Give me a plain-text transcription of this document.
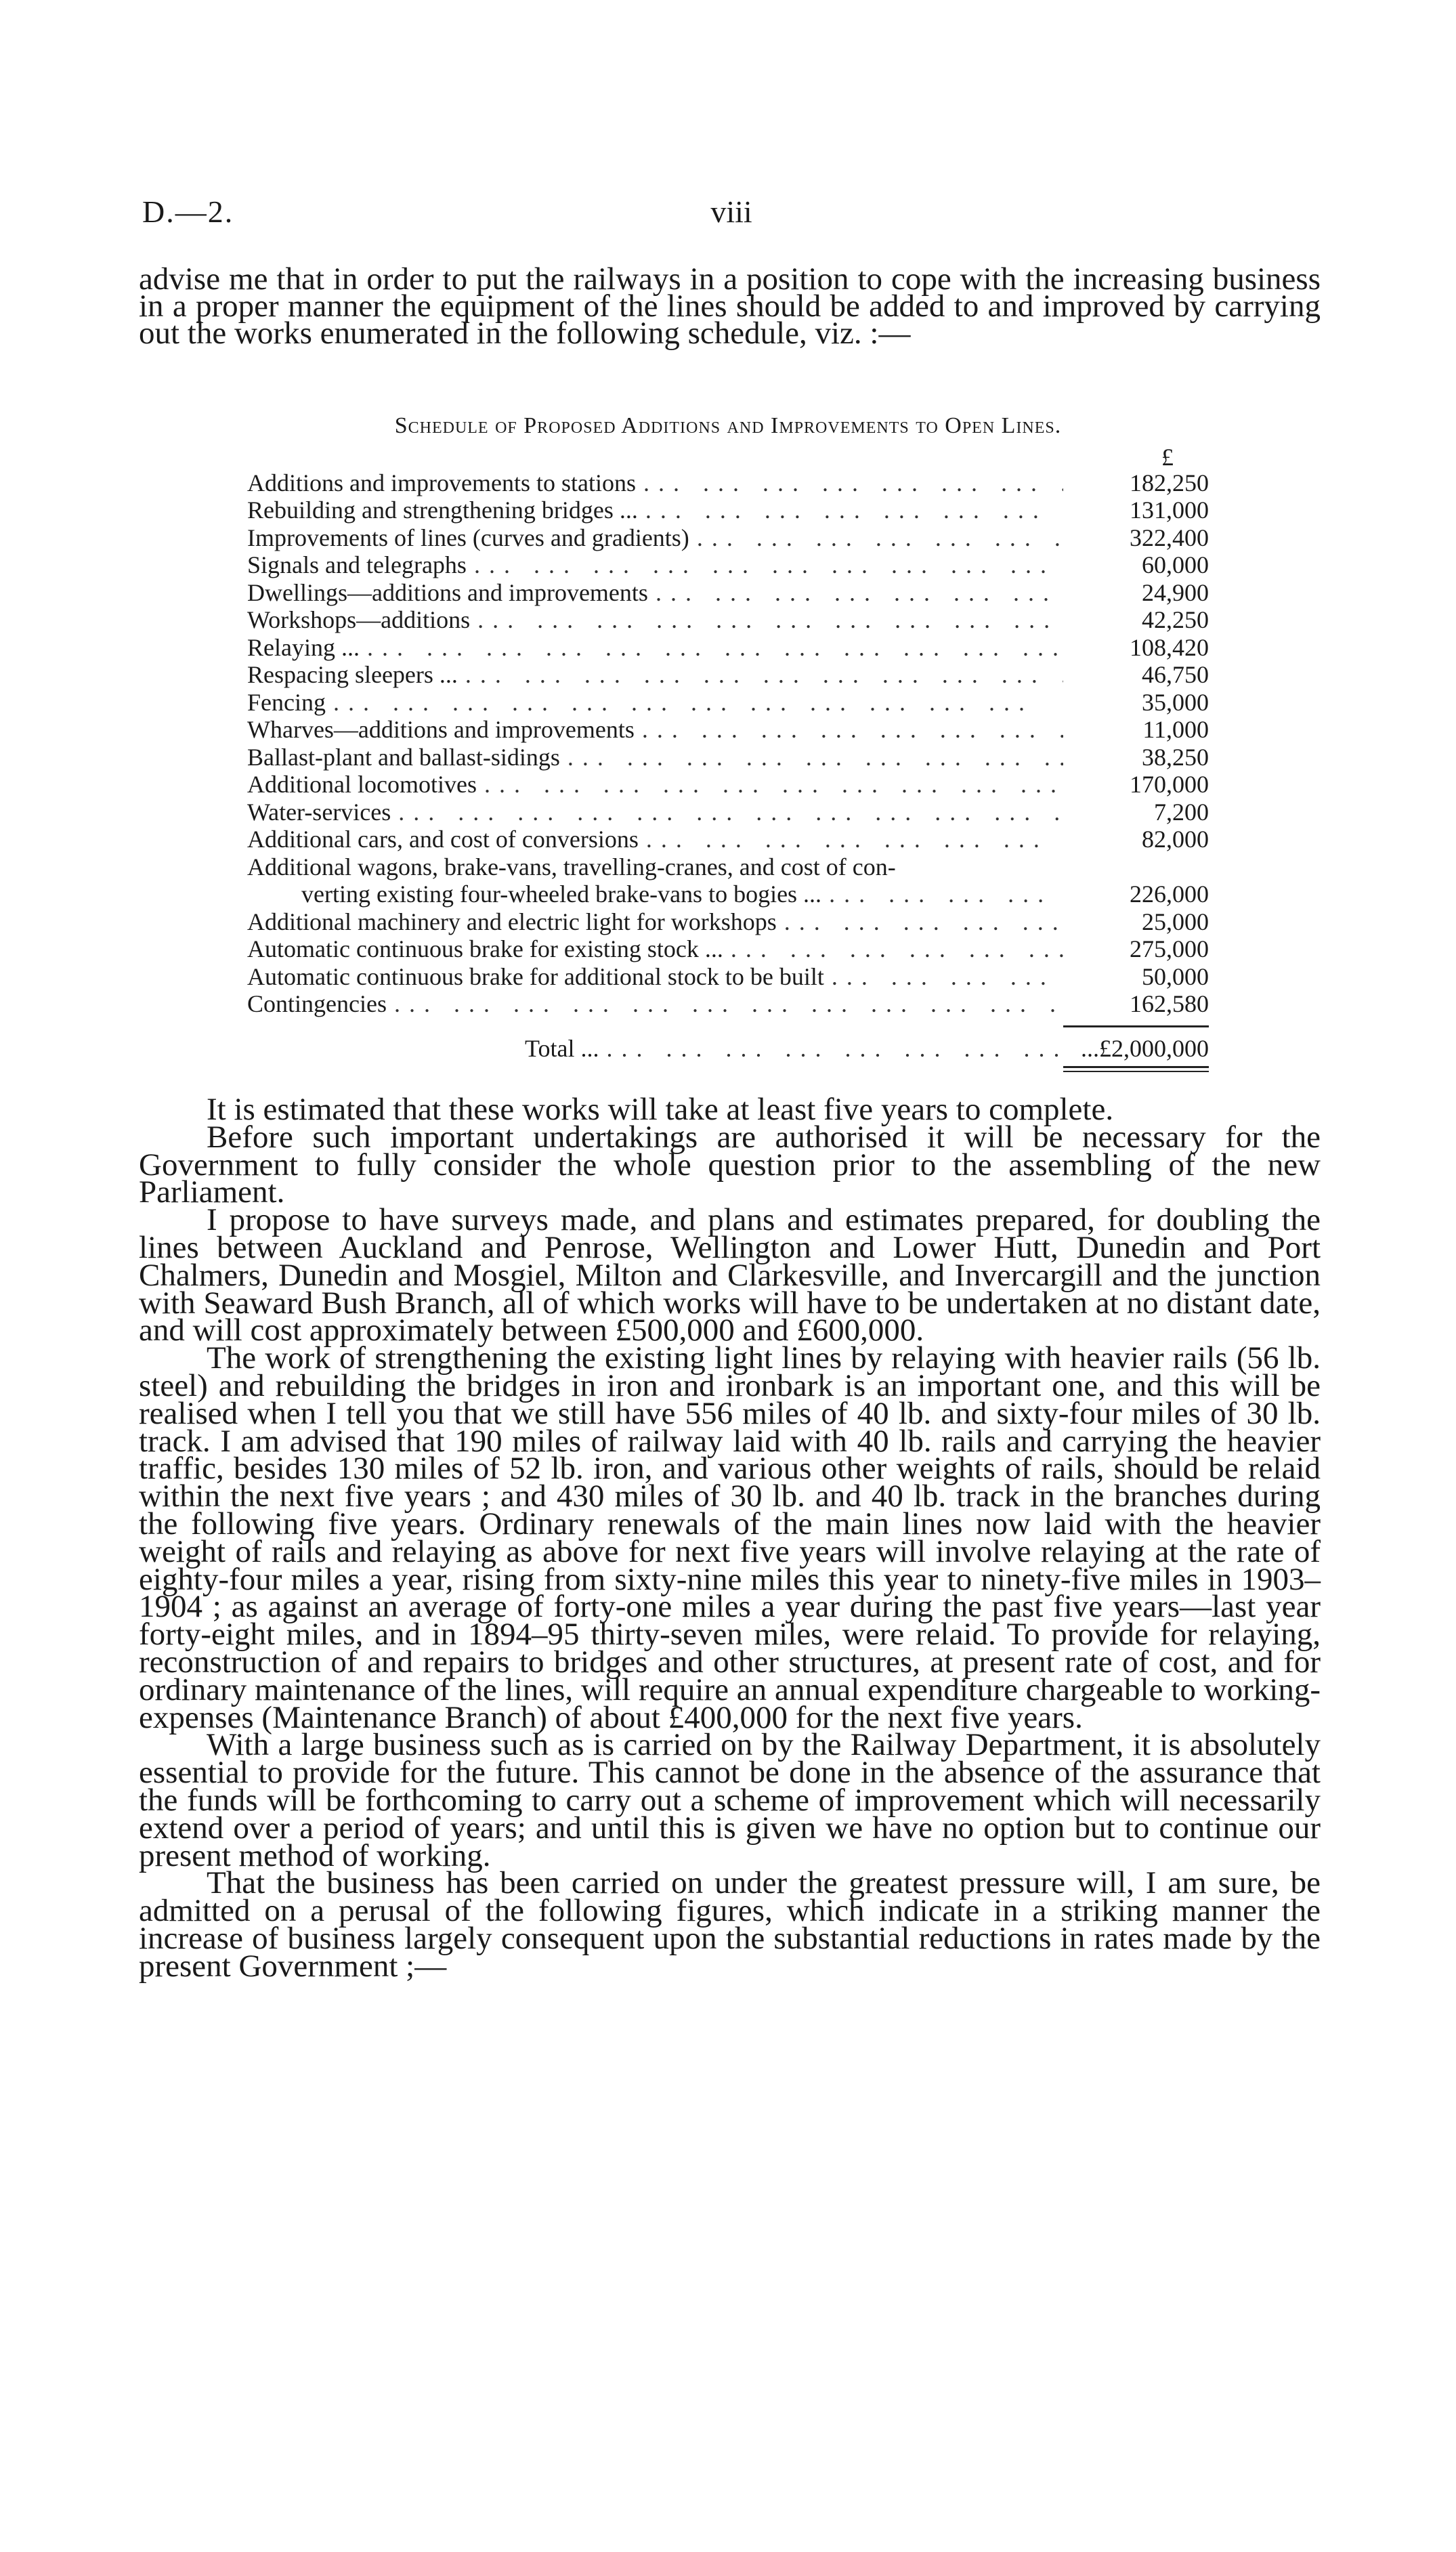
D.—2.	viii

advise me that in order to put the railways in a position to cope with the increasing business in a proper manner the equipment of the lines should be added to and improved by carrying out the works enumerated in the following schedule, viz. :—

Schedule of Proposed Additions and Improvements to Open Lines.
£
Additions and improvements to stations . . .	182,250
Rebuilding and strengthening bridges ... . . .	131,000
Improvements of lines (curves and gradients) . . .	322,400
Signals and telegraphs . . .	60,000
Dwellings—additions and improvements . . .	24,900
Workshops—additions . . .	42,250
Relaying ... . . .	108,420
Respacing sleepers ... . . .	46,750
Fencing . . .	35,000
Wharves—additions and improvements . . .	11,000
Ballast-plant and ballast-sidings . . .	38,250
Additional locomotives . . .	170,000
Water-services . . .	7,200
Additional cars, and cost of conversions . . .	82,000
Additional wagons, brake-vans, travelling-cranes, and cost of con-
verting existing four-wheeled brake-vans to bogies ... . . .	226,000
Additional machinery and electric light for workshops . . .	25,000
Automatic continuous brake for existing stock ... . . .	275,000
Automatic continuous brake for additional stock to be built . . .	50,000
Contingencies . . .	162,580
Total ... . . .	...£2,000,000

It is estimated that these works will take at least five years to complete.

Before such important undertakings are authorised it will be necessary for the Government to fully consider the whole question prior to the assembling of the new Parliament.

I propose to have surveys made, and plans and estimates prepared, for doubling the lines between Auckland and Penrose, Wellington and Lower Hutt, Dunedin and Port Chalmers, Dunedin and Mosgiel, Milton and Clarkesville, and Invercargill and the junction with Seaward Bush Branch, all of which works will have to be undertaken at no distant date, and will cost approximately between £500,000 and £600,000.

The work of strengthening the existing light lines by relaying with heavier rails (56 lb. steel) and rebuilding the bridges in iron and ironbark is an important one, and this will be realised when I tell you that we still have 556 miles of 40 lb. and sixty-four miles of 30 lb. track. I am advised that 190 miles of railway laid with 40 lb. rails and carrying the heavier traffic, besides 130 miles of 52 lb. iron, and various other weights of rails, should be relaid within the next five years ; and 430 miles of 30 lb. and 40 lb. track in the branches during the following five years. Ordinary renewals of the main lines now laid with the heavier weight of rails and relaying as above for next five years will involve relaying at the rate of eighty-four miles a year, rising from sixty-nine miles this year to ninety-five miles in 1903–1904 ; as against an average of forty-one miles a year during the past five years—last year forty-eight miles, and in 1894–95 thirty-seven miles, were relaid. To provide for relaying, reconstruction of and repairs to bridges and other structures, at present rate of cost, and for ordinary maintenance of the lines, will require an annual expenditure chargeable to working-expenses (Maintenance Branch) of about £400,000 for the next five years.

With a large business such as is carried on by the Railway Department, it is absolutely essential to provide for the future. This cannot be done in the absence of the assurance that the funds will be forthcoming to carry out a scheme of improvement which will necessarily extend over a period of years; and until this is given we have no option but to continue our present method of working.

That the business has been carried on under the greatest pressure will, I am sure, be admitted on a perusal of the following figures, which indicate in a striking manner the increase of business largely consequent upon the substantial reductions in rates made by the present Government ;—
